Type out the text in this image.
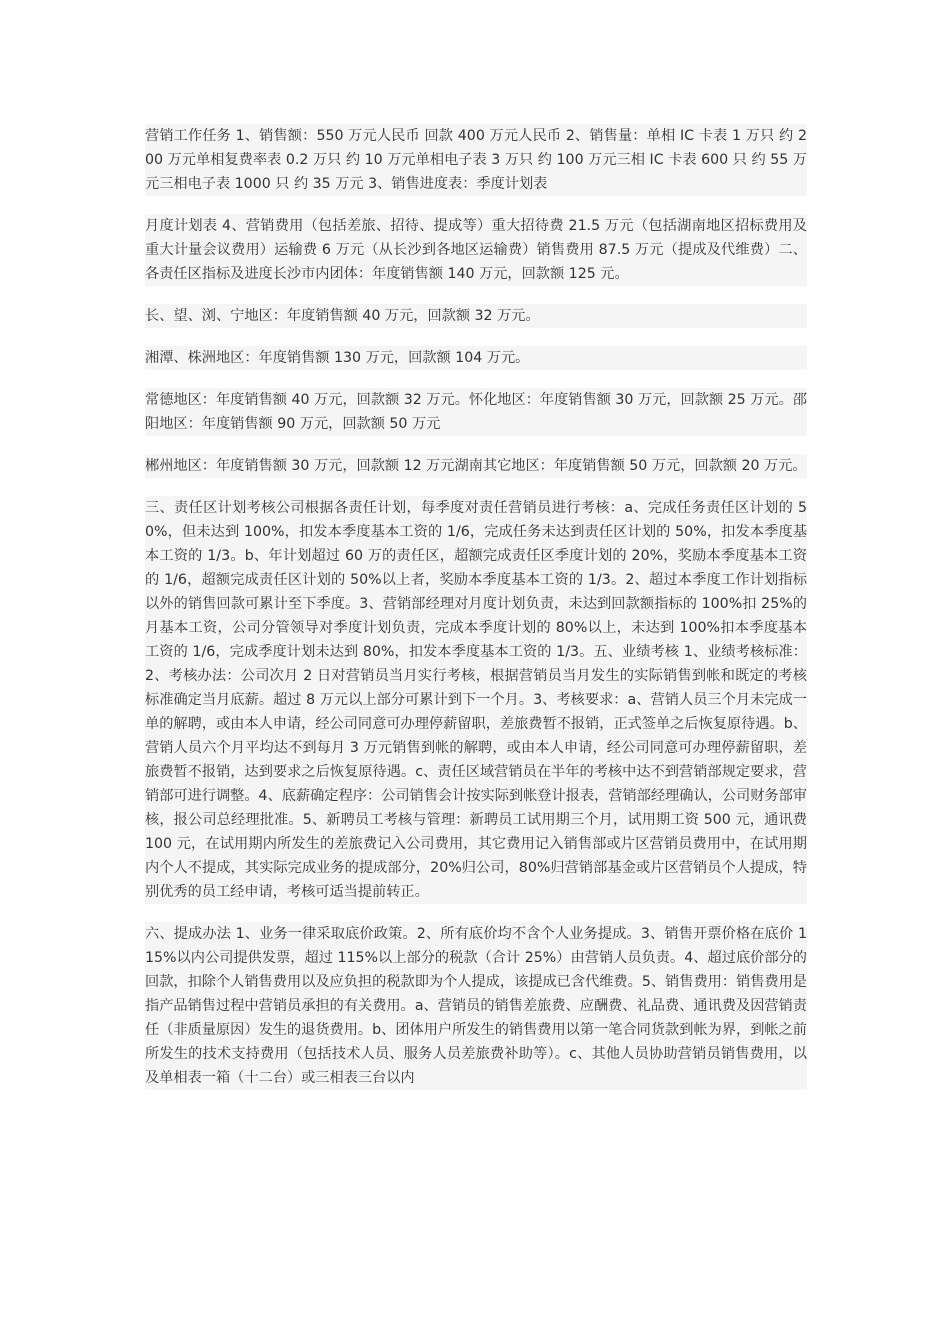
营销工作任务 1、销售额：550 万元人民币 回款 400 万元人民币 2、销售量：单相 IC 卡表 1 万只 约 200 万元单相复费率表 0.2 万只 约 10 万元单相电子表 3 万只 约 100 万元三相 IC 卡表 600 只 约 55 万元三相电子表 1000 只 约 35 万元 3、销售进度表：季度计划表

月度计划表 4、营销费用（包括差旅、招待、提成等）重大招待费 21.5 万元（包括湖南地区招标费用及重大计量会议费用）运输费 6 万元（从长沙到各地区运输费）销售费用 87.5 万元（提成及代维费）二、各责任区指标及进度长沙市内团体：年度销售额 140 万元，回款额 125 元。

长、望、浏、宁地区：年度销售额 40 万元，回款额 32 万元。

湘潭、株洲地区：年度销售额 130 万元，回款额 104 万元。

常德地区：年度销售额 40 万元，回款额 32 万元。怀化地区：年度销售额 30 万元，回款额 25 万元。邵阳地区：年度销售额 90 万元，回款额 50 万元

郴州地区：年度销售额 30 万元，回款额 12 万元湖南其它地区：年度销售额 50 万元，回款额 20 万元。

三、责任区计划考核公司根据各责任计划，每季度对责任营销员进行考核：a、完成任务责任区计划的 50%，但未达到 100%，扣发本季度基本工资的 1/6，完成任务未达到责任区计划的 50%，扣发本季度基本工资的 1/3。b、年计划超过 60 万的责任区，超额完成责任区季度计划的 20%，奖励本季度基本工资的 1/6，超额完成责任区计划的 50%以上者，奖励本季度基本工资的 1/3。2、超过本季度工作计划指标以外的销售回款可累计至下季度。3、营销部经理对月度计划负责，未达到回款额指标的 100%扣 25%的月基本工资，公司分管领导对季度计划负责，完成本季度计划的 80%以上，未达到 100%扣本季度基本工资的 1/6，完成季度计划未达到 80%，扣发本季度基本工资的 1/3。五、业绩考核 1、业绩考核标准：2、考核办法：公司次月 2 日对营销员当月实行考核，根据营销员当月发生的实际销售到帐和既定的考核标准确定当月底薪。超过 8 万元以上部分可累计到下一个月。3、考核要求：a、营销人员三个月未完成一单的解聘，或由本人申请，经公司同意可办理停薪留职，差旅费暂不报销，正式签单之后恢复原待遇。b、营销人员六个月平均达不到每月 3 万元销售到帐的解聘，或由本人申请，经公司同意可办理停薪留职，差旅费暂不报销，达到要求之后恢复原待遇。c、责任区域营销员在半年的考核中达不到营销部规定要求，营销部可进行调整。4、底薪确定程序：公司销售会计按实际到帐登计报表，营销部经理确认，公司财务部审核，报公司总经理批准。5、新聘员工考核与管理：新聘员工试用期三个月，试用期工资 500 元，通讯费 100 元，在试用期内所发生的差旅费记入公司费用，其它费用记入销售部或片区营销员费用中，在试用期内个人不提成，其实际完成业务的提成部分，20%归公司，80%归营销部基金或片区营销员个人提成，特别优秀的员工经申请，考核可适当提前转正。

六、提成办法 1、业务一律采取底价政策。2、所有底价均不含个人业务提成。3、销售开票价格在底价 115%以内公司提供发票，超过 115%以上部分的税款（合计 25%）由营销人员负责。4、超过底价部分的回款，扣除个人销售费用以及应负担的税款即为个人提成，该提成已含代维费。5、销售费用：销售费用是指产品销售过程中营销员承担的有关费用。a、营销员的销售差旅费、应酬费、礼品费、通讯费及因营销责任（非质量原因）发生的退货费用。b、团体用户所发生的销售费用以第一笔合同货款到帐为界，到帐之前所发生的技术支持费用（包括技术人员、服务人员差旅费补助等）。c、其他人员协助营销员销售费用，以及单相表一箱（十二台）或三相表三台以内
